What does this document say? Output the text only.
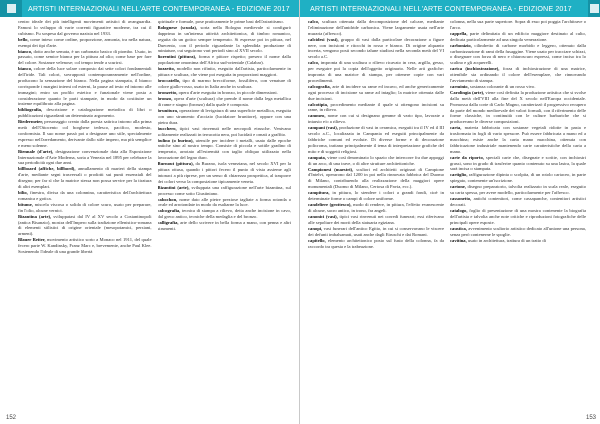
ARTISTI INTERNAZIONALI NELL'ARTE CONTEMPORANEA - EDIZIONE 2017

centro ideale dei più intelligenti movimenti artistici di avanguardia. Famosi lo sviluppo di varie correnti figurative moderne, tra cui il cubismo. Fu sospesa dal governo nazista nel 1933.

bello, come inteso come ordine, proporzione, armonia, tra nella natura, esempi dei tipi d'arte.

bianco, dotto anche semata, è un carbonato basico di piombo. Usato, in passato, come semice bianca per la pittura ad olio; come base per fare del colore. Sostanze velenose; col tempo tende a scurirsi.

bianco, colore della luce solare composto dai sette colori fondamentali dell'iride. Tali colori, sovrapposti contemporaneamente nell'ordine, producono la sensazione del bianco. Nella pagina stampata, il bianco corrisponde i margini interni od esterni, la pause ad testo ed intorno alle immagini; entro un profilo estetico e funzionale viene posta a considerazione quanto le parti stampate, in modo da costituire un insieme equilibrato alla pagina.

bibliografia, descrizione e catalogazione metodica di libri o pubblicazioni riguardanti un determinato argomento.

Biedermeier, personaggio creato dalla poesia satirica intorno alla prima metà dell'Ottocento col borghese tedesco, pacifico, modesto, conformista. Il suo nome passò poi a designare uno stile, specialmente espresso nell'arredamento, derivante dallo stile impero, ma più semplice e meno solenne.

Biennale (d'arte), designazione convenzionale data alla Esposizione Internazionale d'Arte Moderna, sorta a Venezia nel 1895 per celebrare la sua periodicità ogni due anni.

billboard (affiche, billbord), annullamento di marteri della stampa d'arte, mediante segni trasversali o prodotti sui punti essenziali del disegno; per far sì che la matrice stessa non possa servire per la tiratura di altri esemplari.

bilio, finestra, divisa da una colonnina, caratteristica dell'architettura romanica e gotica.

bitume, miscela viscosa o solida di colore scuro, usato per preparare, fin l'olio, alcune vernici.

Bizantina (arte), sviluppatasi dal IV al XV secolo a Costantinopoli (antica Bisanzio), mostra dell'Impero sulla tradizione ellenistico-romana di elementi stilistici di origine orientale (mesopotamici, persiani, armeni).

Blauer Reiter, movimento artistico sorto a Monaco nel 1911, del quale fecero parte W. Kandinsky, Franz Marc e, brevemente, anche Paul Klee. Sostenendo l'ideale di una grande libertà

spirituale e formale, pose praticamente le prime basi dell'astrattismo.

Bolognese (scuola), sorta nella Bologna medievale si configurò dapprima in un'intensa attività architettonica, di timbro romanico, seguita da un gotico sempre temperato. Si espresse poi in pittura, nel Duecento, con il periodo riguardante la splendida produzione di miniature, cui seguirono vari periodi sino al XVII secolo.

fiorentini (pittura), forma e pittore rispetto; presero il nome dalla popolazione omonima dell'Africa sud-orientale (Calabar).

bozzetto, modello non rifinito, eseguito dall'artista, particolarmente in pittura e scultura, che viene poi eseguita in proporzioni maggiori.

broccatello, tipo di marmo brecciforme, fossilifero, con venature di colore giallo-rosso, usato in Italia anche in scultura.

bronzetto, opera d'arte eseguita in bronzo, in piccole dimensioni.

bronzo, opera d'arte (scultura) che prende il nome dalla lega metallica di rame e stagno (bronzo) dalla quale è composta.

brunitura, operazione di levigatura di una superficie metallica, eseguita con uno strumento d'acciaio (lucidatore brunitore), oppure con una pietra dura.

bucchero, tipici vasi rinvenuti nelle necropoli etrusche. Venivano solitamente realizzati in terracotta nera, poi lucidati e ornati a graffito.

bulino (o burino), utensile per incidere i metalli, usato dalle epoche antiche sino al nostro tempo. Consiste di piccola e sottile gradino di temperato, arrotato all'estremità con taglio obliquo utilizzato nella lavorazione del legno duro.

Burnout (pittura), da Burano, isola veneziana, nel secolo XVI per la pittura ottusa, quando i pittori fecero il punto di vista assieme agli intonaci a più riprese, per un senso di chiarezza prospettica, al trasporre dei colori verso la composizione tipicamente veneta.

Bizantini (arte), sviluppata una raffigurazione nell'arte bizantina, sul processo come sotto Giustiniano.

cabochon, nome dato alle pietre preziose tagliate a forma rotonda o ovale ed arrotondate in modo da esaltarne la luce.

calcografia, tecnica di stampa a rilievo, detta anche incisione in cavo, dal greco antico, tecniche della medaglia e del bronzo.

calligrafia, arte dello scrivere in bella forma a mano, con penna e altri strumenti.

152
ARTISTI INTERNAZIONALI NELL'ARTE CONTEMPORANEA - EDIZIONE 2017

calco, scultura ottenuta dalla decomposizione del calcare, mediante l'eliminazione dell'anidride carbonica. Viene largamente usata nell'arte muraria (affresco).

calcidesi (vasi), gruppo di vasi dalla particolare decorazione a figure nere, con incisioni e ritocchi in rosso e bianco. Di origine alquanto incerta, vengono posti secondo talune studiosi nella seconda metà del VI secolo a.C.

calco, impronta di una scultura o rilievo ricavato in cera, argilla, gesso, per eseguire poi la copia dell'oggetto originario. Nelle arti grafiche: impronta di una matrice di stampa, per ottenere copie con vari procedimenti.

calcografia, arte di incidere su rame ed incavo, ed anche genericamente ogni processo di incisione su rame ad intaglio; la matrice ottenuta dalle due incisioni.

calcotipia, procedimento mediante il quale si ottengono incisioni su rame, in rilievo.

cammeo, nome con cui si designano gemme di vario tipo, lavorate a intarsio e/o a rilievo.

campani (vasi), produzione di vasi in ceramica, eseguiti tra il IV ed il III secolo a.C., localizzata in Campania ed eseguiti principalmente da fabbriche comuni ed evolute. Di diverse forme e di decorazione policroma, trattano principalmente il tema di interpretazione grafiche del mito e di soggetti religiosi.

campata, viene così denominato lo spazio che intercorre fra due appoggi di un arco, di una trave, o di altre strutture architettoniche.

Campionesi (maestri), scultori ed architetti originari di Campione d'Intelvi, operarono dal 1200 in poi nella rinnovata fabbrica del Duomo di Milano, contribuendo alla realizzazione della maggiori opere monumentali (Duomo di Milano, Certosa di Pavia, ecc.).

campitura, in pittura, lo stendere i colori a grandi fondi, cioè in determinate forme o campi di colore uniforme.

candeliere (grottesco), modo di rendere, in pittura, l'effetto evanescente di alcune, sacro antico, in trono, fra angeli.

canonici (vasi), tipici vasi rinvenuti nei corredi funerari; essi riferivano alle sepolture dei morti della statuaria egiziana.

canopi, vasi funerari dell'antico Egitto, in cui si conservavano le viscere dei defunti imbalsamati, usati anche dagli Etruschi e dai Romani.

capitello, elemento architettonico posto sul fusto della colonna, fa da raccordo tra questa e la trabeazione.

colonna, nella sua parte superiore. Sopra di esso poi poggia l'architrave o l'arco.

cappella, parte delimitata di un edificio maggiore destinato al culto, dedicata particolarmente ad una singola venerazione.

carbonizio, cilindretto di carbone morbido e leggero, ottenuto dalla carbonizzazione di rami della fusaggine. Viene usato per tracciare schizzi, o disegnare con forza di nero e chiaroscuro espressi, come inciso tra lo scalino e gli acquerelli.

carica (inchiostrazione), forza di inchiostrazione di una matrice, ottenibile sia ordinando il colore dell'esemplare, che rinnovando l'avviamento di stampa.

carminio, sostanza colorante di un rosso vivo.

Carolingia (arte), viene così definita la produzione artistica che si svolse dalla metà dell'VIII alla fine del X secolo nell'Europa occidentale. Promossa dalla corte di Carlo Magno, caratterizzò il progressivo recupero da parte del mondo medioevale dei valori formali, con il riferimento delle forme classiche, in continuità con le culture barbariche che si producevano le diverse composizioni.

carta, materia fabbricata con sostanze vegetali ridotte in pasta e trasformata in fogli di vario spessore. Può essere fabbricata a mano ed a macchina; esiste anche la carta mano macchina, ottenuta con fabbricazione industriale mantenendo carte caratteristiche della carta a mano.

carte da riporto, speciali carte che, disegnate e scritte, con inchiostri grassi, sono in grado di trasferire quanto contenuto su una lastra, la quale sarà incisa o stampata.

cartiglio, raffigurazione dipinta o scolpita, di un rotolo cartaceo, in parte spiegato, contenente un'iscrizione.

cartone, disegno preparatorio, talvolta realizzato in scala reale, eseguito su carta spessa, per avere modello, particolarmente per l'affresco.

cassonetto, antichi contenitori, come cassapanche, contenitori artistici decorati.

catalogo, foglio di presentazione di una mostra contenente la biografia dell'artista e talvolta anche note critiche e riproduzioni fotografiche delle principali opere esposte.

caustica, avvenimento scultorio artistico dedicato all'unione una persona, senza però contenerne le spoglie.

cavitina, usato in architettura, trattura di un tratto di

153
